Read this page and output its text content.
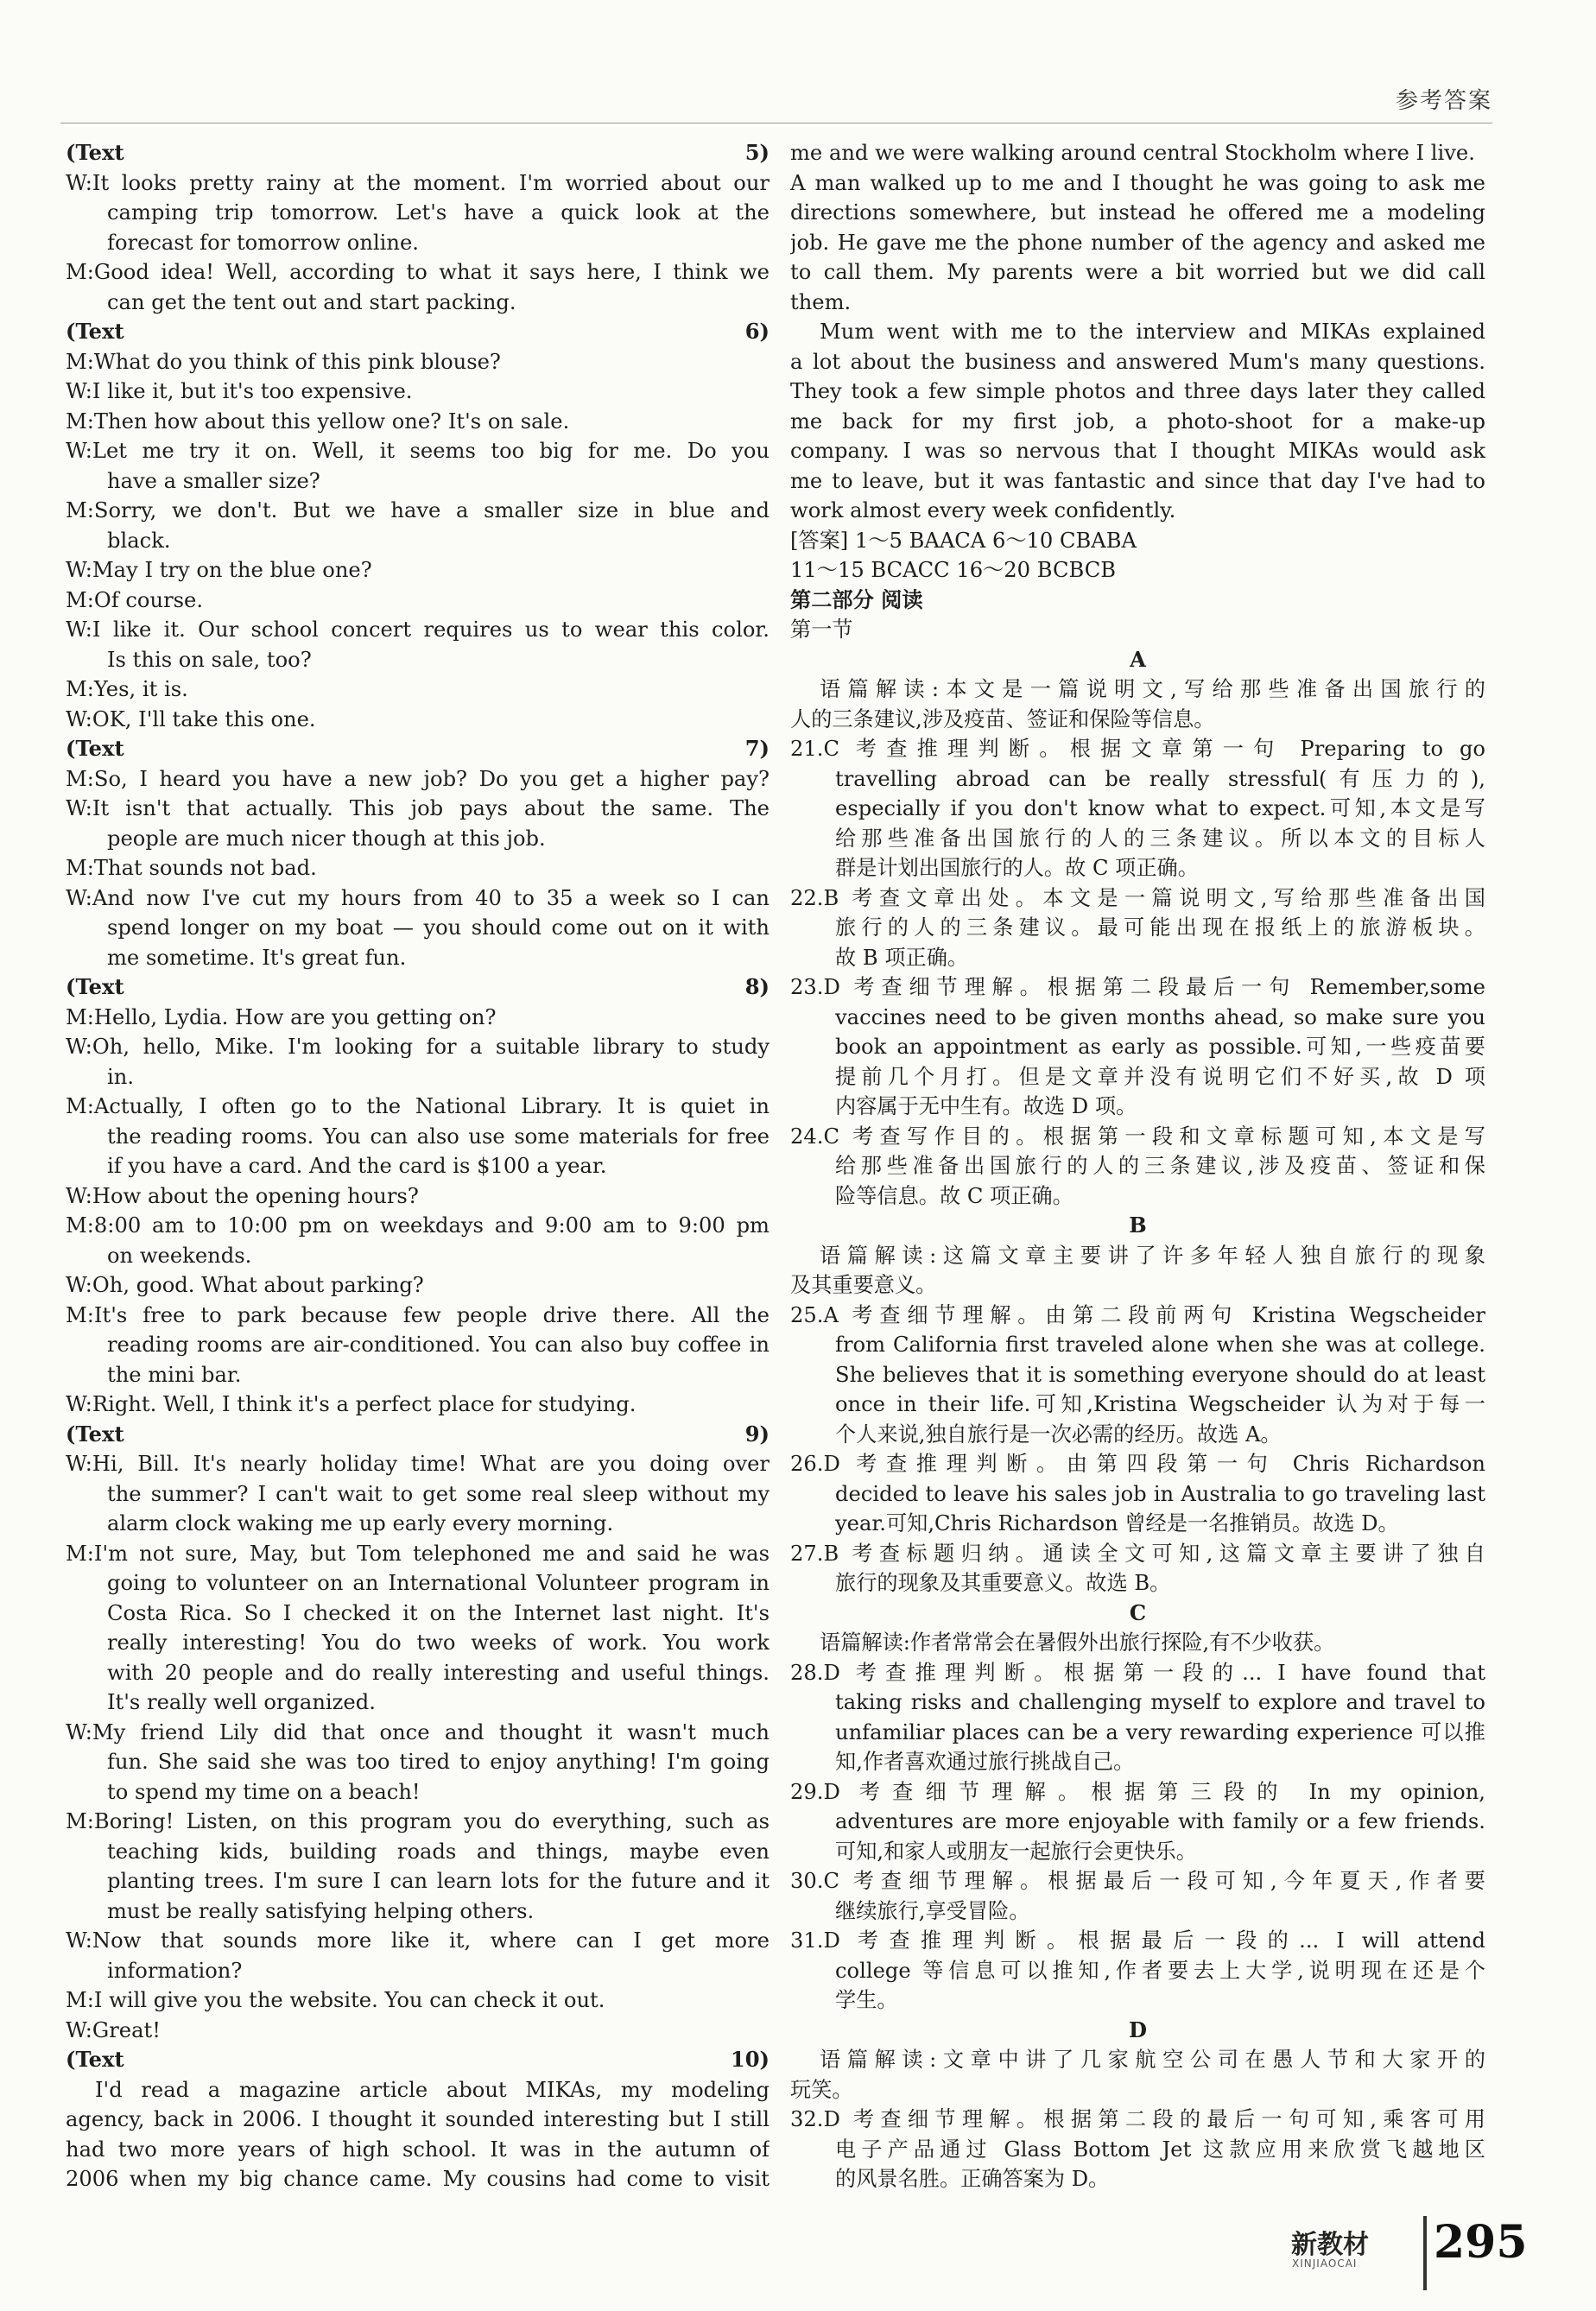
参考答案
(Text 5)
W:It looks pretty rainy at the moment. I'm worried about our
camping trip tomorrow. Let's have a quick look at the
forecast for tomorrow online.
M:Good idea! Well, according to what it says here, I think we
can get the tent out and start packing.
(Text 6)
M:What do you think of this pink blouse?
W:I like it, but it's too expensive.
M:Then how about this yellow one? It's on sale.
W:Let me try it on. Well, it seems too big for me. Do you
have a smaller size?
M:Sorry, we don't. But we have a smaller size in blue and
black.
W:May I try on the blue one?
M:Of course.
W:I like it. Our school concert requires us to wear this color.
Is this on sale, too?
M:Yes, it is.
W:OK, I'll take this one.
(Text 7)
M:So, I heard you have a new job? Do you get a higher pay?
W:It isn't that actually. This job pays about the same. The
people are much nicer though at this job.
M:That sounds not bad.
W:And now I've cut my hours from 40 to 35 a week so I can
spend longer on my boat — you should come out on it with
me sometime. It's great fun.
(Text 8)
M:Hello, Lydia. How are you getting on?
W:Oh, hello, Mike. I'm looking for a suitable library to study
in.
M:Actually, I often go to the National Library. It is quiet in
the reading rooms. You can also use some materials for free
if you have a card. And the card is $100 a year.
W:How about the opening hours?
M:8:00 am to 10:00 pm on weekdays and 9:00 am to 9:00 pm
on weekends.
W:Oh, good. What about parking?
M:It's free to park because few people drive there. All the
reading rooms are air-conditioned. You can also buy coffee in
the mini bar.
W:Right. Well, I think it's a perfect place for studying.
(Text 9)
W:Hi, Bill. It's nearly holiday time! What are you doing over
the summer? I can't wait to get some real sleep without my
alarm clock waking me up early every morning.
M:I'm not sure, May, but Tom telephoned me and said he was
going to volunteer on an International Volunteer program in
Costa Rica. So I checked it on the Internet last night. It's
really interesting! You do two weeks of work. You work
with 20 people and do really interesting and useful things.
It's really well organized.
W:My friend Lily did that once and thought it wasn't much
fun. She said she was too tired to enjoy anything! I'm going
to spend my time on a beach!
M:Boring! Listen, on this program you do everything, such as
teaching kids, building roads and things, maybe even
planting trees. I'm sure I can learn lots for the future and it
must be really satisfying helping others.
W:Now that sounds more like it, where can I get more
information?
M:I will give you the website. You can check it out.
W:Great!
(Text 10)
I'd read a magazine article about MIKAs, my modeling
agency, back in 2006. I thought it sounded interesting but I still
had two more years of high school. It was in the autumn of
2006 when my big chance came. My cousins had come to visit
me and we were walking around central Stockholm where I live.
A man walked up to me and I thought he was going to ask me
directions somewhere, but instead he offered me a modeling
job. He gave me the phone number of the agency and asked me
to call them. My parents were a bit worried but we did call
them.
Mum went with me to the interview and MIKAs explained
a lot about the business and answered Mum's many questions.
They took a few simple photos and three days later they called
me back for my first job, a photo-shoot for a make-up
company. I was so nervous that I thought MIKAs would ask
me to leave, but it was fantastic and since that day I've had to
work almost every week confidently.
[答案] 1～5 BAACA 6～10 CBABA
11～15 BCACC 16～20 BCBCB
第二部分 阅读
第一节
A
语篇解读:本文是一篇说明文,写给那些准备出国旅行的
人的三条建议,涉及疫苗、签证和保险等信息。
21.C 考查推理判断。根据文章第一句 Preparing to go
travelling abroad can be really stressful(有压力的),
especially if you don't know what to expect.可知,本文是写
给那些准备出国旅行的人的三条建议。所以本文的目标人
群是计划出国旅行的人。故 C 项正确。
22.B 考查文章出处。本文是一篇说明文,写给那些准备出国
旅行的人的三条建议。最可能出现在报纸上的旅游板块。
故 B 项正确。
23.D 考查细节理解。根据第二段最后一句 Remember,some
vaccines need to be given months ahead, so make sure you
book an appointment as early as possible.可知,一些疫苗要
提前几个月打。但是文章并没有说明它们不好买,故 D 项
内容属于无中生有。故选 D 项。
24.C 考查写作目的。根据第一段和文章标题可知,本文是写
给那些准备出国旅行的人的三条建议,涉及疫苗、签证和保
险等信息。故 C 项正确。
B
语篇解读:这篇文章主要讲了许多年轻人独自旅行的现象
及其重要意义。
25.A 考查细节理解。由第二段前两句 Kristina Wegscheider
from California first traveled alone when she was at college.
She believes that it is something everyone should do at least
once in their life.可知,Kristina Wegscheider 认为对于每一
个人来说,独自旅行是一次必需的经历。故选 A。
26.D 考查推理判断。由第四段第一句 Chris Richardson
decided to leave his sales job in Australia to go traveling last
year.可知,Chris Richardson 曾经是一名推销员。故选 D。
27.B 考查标题归纳。通读全文可知,这篇文章主要讲了独自
旅行的现象及其重要意义。故选 B。
C
语篇解读:作者常常会在暑假外出旅行探险,有不少收获。
28.D 考查推理判断。根据第一段的... I have found that
taking risks and challenging myself to explore and travel to
unfamiliar places can be a very rewarding experience 可以推
知,作者喜欢通过旅行挑战自己。
29.D 考查细节理解。根据第三段的 In my opinion,
adventures are more enjoyable with family or a few friends.
可知,和家人或朋友一起旅行会更快乐。
30.C 考查细节理解。根据最后一段可知,今年夏天,作者要
继续旅行,享受冒险。
31.D 考查推理判断。根据最后一段的... I will attend
college 等信息可以推知,作者要去上大学,说明现在还是个
学生。
D
语篇解读:文章中讲了几家航空公司在愚人节和大家开的
玩笑。
32.D 考查细节理解。根据第二段的最后一句可知,乘客可用
电子产品通过 Glass Bottom Jet 这款应用来欣赏飞越地区
的风景名胜。正确答案为 D。
新教材
XINJIAOCAI 295
